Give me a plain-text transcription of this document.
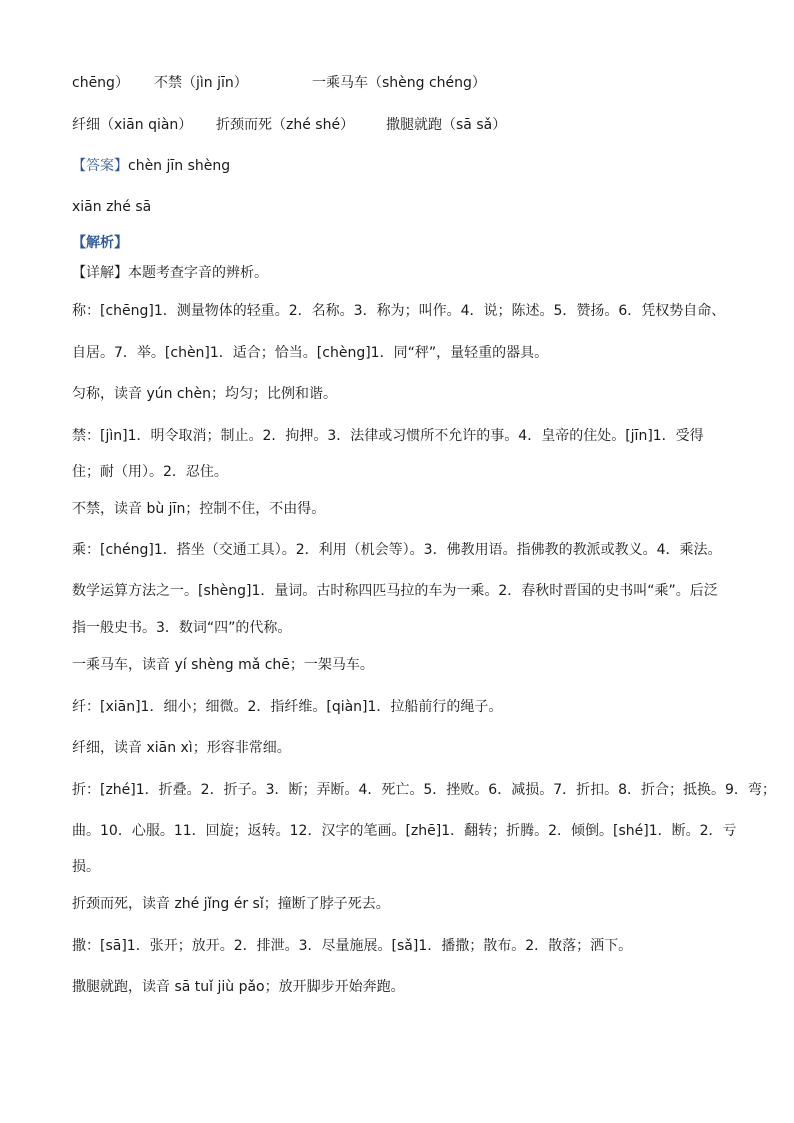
chēng） 不禁（jìn jīn）	一乘马车（shèng chéng）
纤细（xiān qiàn） 折颈而死（zhé shé） 撒腿就跑（sā sǎ）
【答案】 chèn jīn shèng
xiān zhé sā
【解析】
【详解】 本题考查字音的辨析。
称：[chēng]1．测量物体的轻重。2．名称。3．称为；叫作。4．说；陈述。5．赞扬。6．凭权势自命、
自居。7．举。[chèn]1．适合；恰当。[chèng]1．同“秤”，量轻重的器具。
匀称，读音 yún chèn；均匀；比例和谐。
禁：[jìn]1．明令取消；制止。2．拘押。3．法律或习惯所不允许的事。4．皇帝的住处。[jīn]1．受得
住；耐（用）。2．忍住。
不禁，读音 bù jīn；控制不住，不由得。
乘：[chéng]1．搭坐（交通工具）。2．利用（机会等）。3．佛教用语。指佛教的教派或教义。4．乘法。
数学运算方法之一。[shèng]1．量词。古时称四匹马拉的车为一乘。2．春秋时晋国的史书叫“乘”。后泛
指一般史书。3．数词“四”的代称。
一乘马车，读音 yí shèng mǎ chē；一架马车。
纤：[xiān]1．细小；细微。2．指纤维。[qiàn]1．拉船前行的绳子。
纤细，读音 xiān xì；形容非常细。
折：[zhé]1．折叠。2．折子。3．断；弄断。4．死亡。5．挫败。6．减损。7．折扣。8．折合；抵换。9．弯；
曲。10．心服。11．回旋；返转。12．汉字的笔画。[zhē]1．翻转；折腾。2．倾倒。[shé]1．断。2．亏
损。
折颈而死，读音 zhé jǐng ér sǐ；撞断了脖子死去。
撒：[sā]1．张开；放开。2．排泄。3．尽量施展。[sǎ]1．播撒；散布。2．散落；洒下。
撒腿就跑，读音 sā tuǐ jiù pǎo；放开脚步开始奔跑。
